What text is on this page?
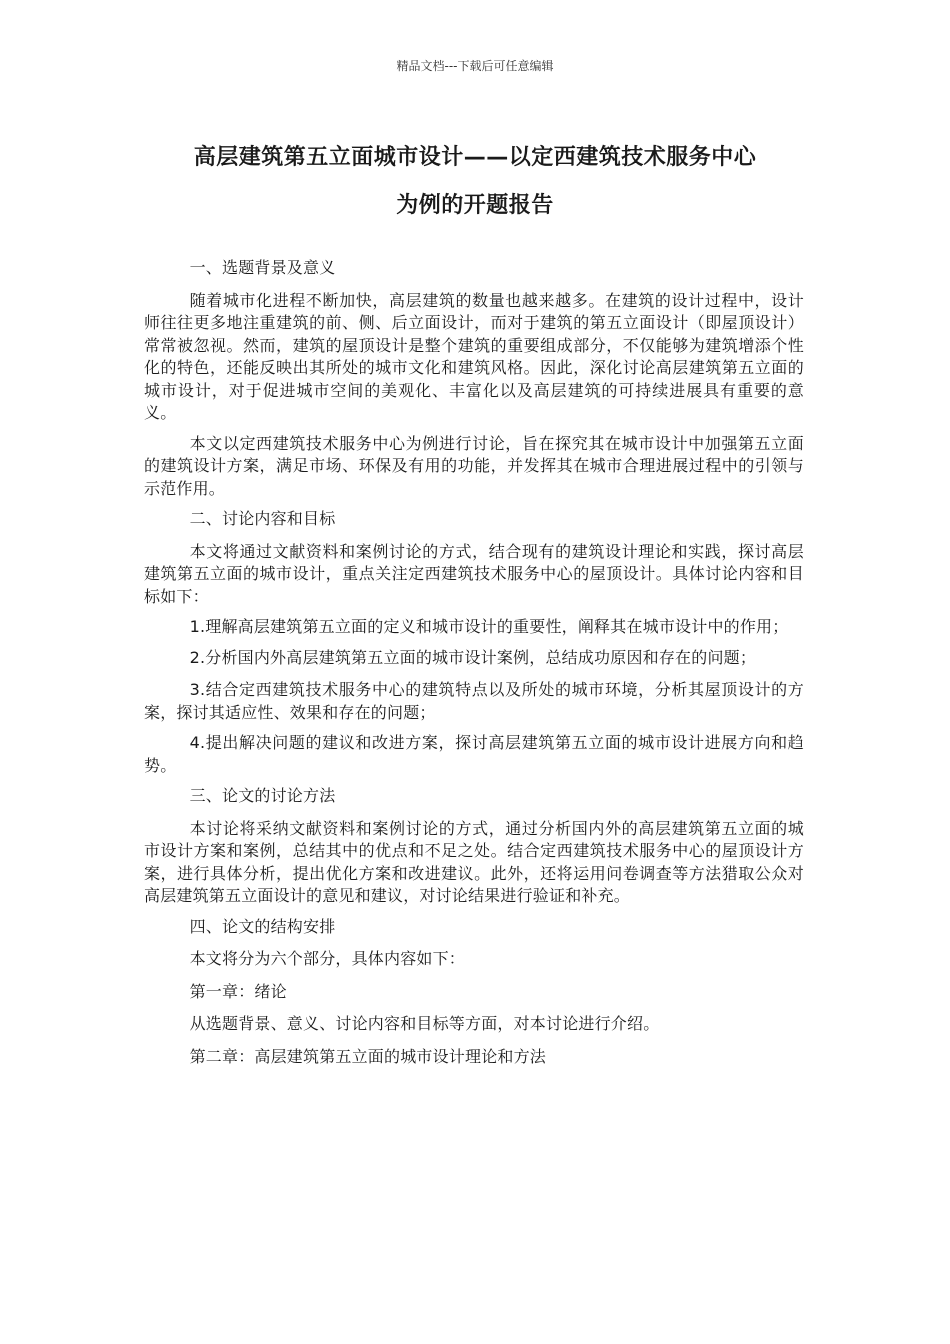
精品文档---下载后可任意编辑
高层建筑第五立面城市设计——以定西建筑技术服务中心
为例的开题报告

一、选题背景及意义

随着城市化进程不断加快，高层建筑的数量也越来越多。在建筑的设计过程中，设计师往往更多地注重建筑的前、侧、后立面设计，而对于建筑的第五立面设计（即屋顶设计）常常被忽视。然而，建筑的屋顶设计是整个建筑的重要组成部分，不仅能够为建筑增添个性化的特色，还能反映出其所处的城市文化和建筑风格。因此，深化讨论高层建筑第五立面的城市设计，对于促进城市空间的美观化、丰富化以及高层建筑的可持续进展具有重要的意义。

本文以定西建筑技术服务中心为例进行讨论，旨在探究其在城市设计中加强第五立面的建筑设计方案，满足市场、环保及有用的功能，并发挥其在城市合理进展过程中的引领与示范作用。

二、讨论内容和目标

本文将通过文献资料和案例讨论的方式，结合现有的建筑设计理论和实践，探讨高层建筑第五立面的城市设计，重点关注定西建筑技术服务中心的屋顶设计。具体讨论内容和目标如下：

1.理解高层建筑第五立面的定义和城市设计的重要性，阐释其在城市设计中的作用；

2.分析国内外高层建筑第五立面的城市设计案例，总结成功原因和存在的问题；

3.结合定西建筑技术服务中心的建筑特点以及所处的城市环境，分析其屋顶设计的方案，探讨其适应性、效果和存在的问题；

4.提出解决问题的建议和改进方案，探讨高层建筑第五立面的城市设计进展方向和趋势。

三、论文的讨论方法

本讨论将采纳文献资料和案例讨论的方式，通过分析国内外的高层建筑第五立面的城市设计方案和案例，总结其中的优点和不足之处。结合定西建筑技术服务中心的屋顶设计方案，进行具体分析，提出优化方案和改进建议。此外，还将运用问卷调查等方法猎取公众对高层建筑第五立面设计的意见和建议，对讨论结果进行验证和补充。

四、论文的结构安排

本文将分为六个部分，具体内容如下：

第一章：绪论

从选题背景、意义、讨论内容和目标等方面，对本讨论进行介绍。

第二章：高层建筑第五立面的城市设计理论和方法
